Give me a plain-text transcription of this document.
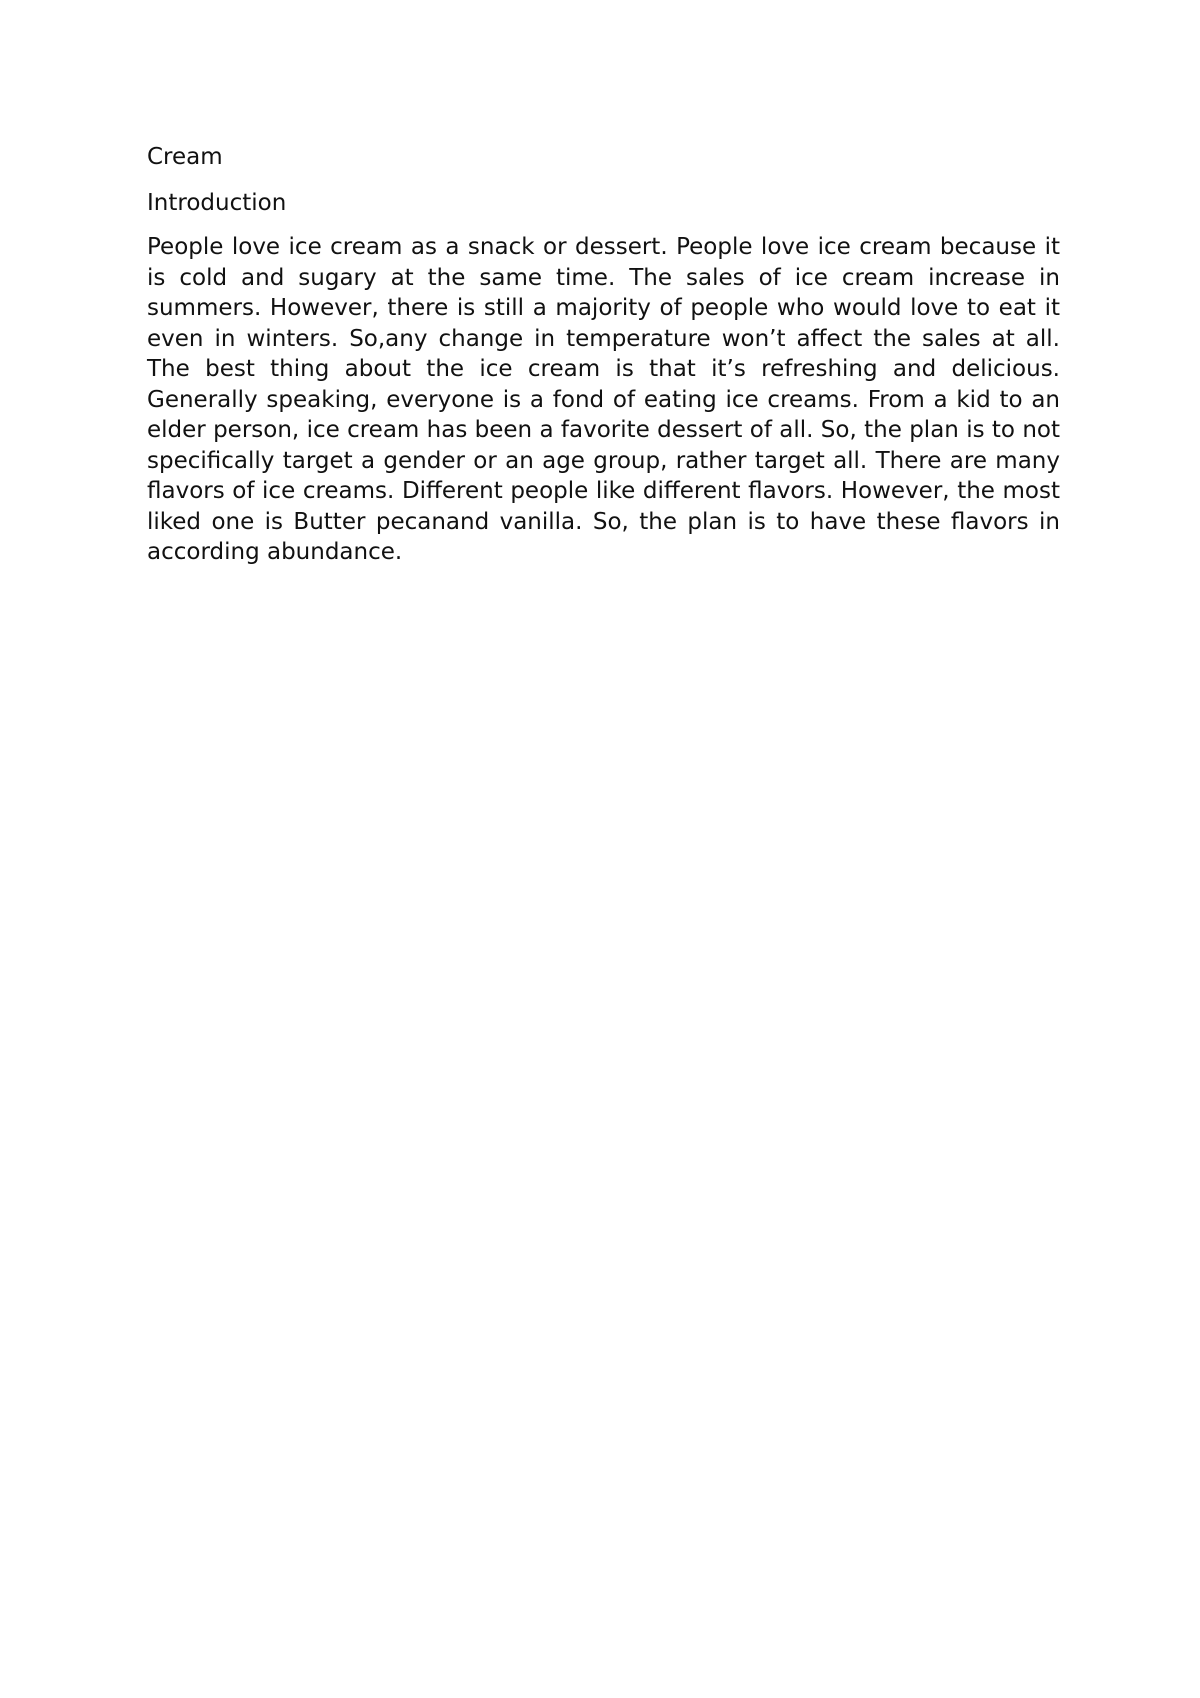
Cream

Introduction

People love ice cream as a snack or dessert. People love ice cream because it is cold and sugary at the same time. The sales of ice cream increase in summers. However, there is still a majority of people who would love to eat it even in winters. So,any change in temperature won’t affect the sales at all. The best thing about the ice cream is that it’s refreshing and delicious. Generally speaking, everyone is a fond of eating ice creams. From a kid to an elder person, ice cream has been a favorite dessert of all. So, the plan is to not specifically target a gender or an age group, rather target all. There are many flavors of ice creams. Different people like different flavors. However, the most liked one is Butter pecanand vanilla. So, the plan is to have these flavors in according abundance.
